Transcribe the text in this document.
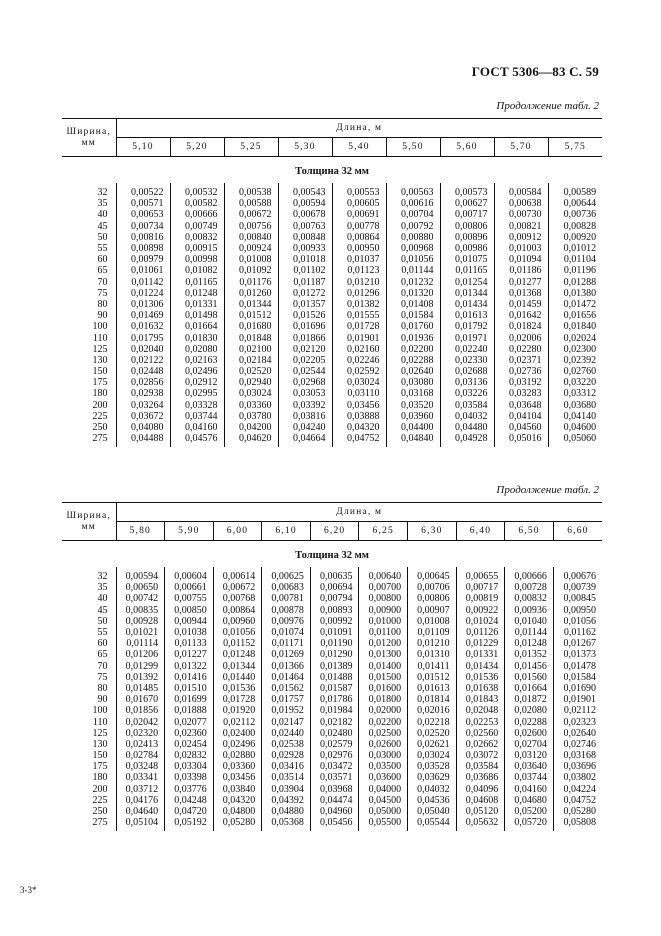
ГОСТ 5306—83 С. 59
Продолжение табл. 2
Ширина, мм	Длина, м								
	5,10	5,20	5,25	5,30	5,40	5,50	5,60	5,70	5,75
Толщина 32 мм									
32	0,00522	0,00532	0,00538	0,00543	0,00553	0,00563	0,00573	0,00584	0,00589
35	0,00571	0,00582	0,00588	0,00594	0,00605	0,00616	0,00627	0,00638	0,00644
40	0,00653	0,00666	0,00672	0,00678	0,00691	0,00704	0,00717	0,00730	0,00736
45	0,00734	0,00749	0,00756	0,00763	0,00778	0,00792	0,00806	0,00821	0,00828
50	0,00816	0,00832	0,00840	0,00848	0,00864	0,00880	0,00896	0,00912	0,00920
55	0,00898	0,00915	0,00924	0,00933	0,00950	0,00968	0,00986	0,01003	0,01012
60	0,00979	0,00998	0,01008	0,01018	0,01037	0,01056	0,01075	0,01094	0,01104
65	0,01061	0,01082	0,01092	0,01102	0,01123	0,01144	0,01165	0,01186	0,01196
70	0,01142	0,01165	0,01176	0,01187	0,01210	0,01232	0,01254	0,01277	0,01288
75	0,01224	0,01248	0,01260	0,01272	0,01296	0,01320	0,01344	0,01368	0,01380
80	0,01306	0,01331	0,01344	0,01357	0,01382	0,01408	0,01434	0,01459	0,01472
90	0,01469	0,01498	0,01512	0,01526	0,01555	0,01584	0,01613	0,01642	0,01656
100	0,01632	0,01664	0,01680	0,01696	0,01728	0,01760	0,01792	0,01824	0,01840
110	0,01795	0,01830	0,01848	0,01866	0,01901	0,01936	0,01971	0,02006	0,02024
125	0,02040	0,02080	0,02100	0,02120	0,02160	0,02200	0,02240	0,02280	0,02300
130	0,02122	0,02163	0,02184	0,02205	0,02246	0,02288	0,02330	0,02371	0,02392
150	0,02448	0,02496	0,02520	0,02544	0,02592	0,02640	0,02688	0,02736	0,02760
175	0,02856	0,02912	0,02940	0,02968	0,03024	0,03080	0,03136	0,03192	0,03220
180	0,02938	0,02995	0,03024	0,03053	0,03110	0,03168	0,03226	0,03283	0,03312
200	0,03264	0,03328	0,03360	0,03392	0,03456	0,03520	0,03584	0,03648	0,03680
225	0,03672	0,03744	0,03780	0,03816	0,03888	0,03960	0,04032	0,04104	0,04140
250	0,04080	0,04160	0,04200	0,04240	0,04320	0,04400	0,04480	0,04560	0,04600
275	0,04488	0,04576	0,04620	0,04664	0,04752	0,04840	0,04928	0,05016	0,05060
Продолжение табл. 2
Ширина, мм	Длина, м									
	5,80	5,90	6,00	6,10	6,20	6,25	6,30	6,40	6,50	6,60
Толщина 32 мм										
32	0,00594	0,00604	0,00614	0,00625	0,00635	0,00640	0,00645	0,00655	0,00666	0,00676
35	0,00650	0,00661	0,00672	0,00683	0,00694	0,00700	0,00706	0,00717	0,00728	0,00739
40	0,00742	0,00755	0,00768	0,00781	0,00794	0,00800	0,00806	0,00819	0,00832	0,00845
45	0,00835	0,00850	0,00864	0,00878	0,00893	0,00900	0,00907	0,00922	0,00936	0,00950
50	0,00928	0,00944	0,00960	0,00976	0,00992	0,01000	0,01008	0,01024	0,01040	0,01056
55	0,01021	0,01038	0,01056	0,01074	0,01091	0,01100	0,01109	0,01126	0,01144	0,01162
60	0,01114	0,01133	0,01152	0,01171	0,01190	0,01200	0,01210	0,01229	0,01248	0,01267
65	0,01206	0,01227	0,01248	0,01269	0,01290	0,01300	0,01310	0,01331	0,01352	0,01373
70	0,01299	0,01322	0,01344	0,01366	0,01389	0,01400	0,01411	0,01434	0,01456	0,01478
75	0,01392	0,01416	0,01440	0,01464	0,01488	0,01500	0,01512	0,01536	0,01560	0,01584
80	0,01485	0,01510	0,01536	0,01562	0,01587	0,01600	0,01613	0,01638	0,01664	0,01690
90	0,01670	0,01699	0,01728	0,01757	0,01786	0,01800	0,01814	0,01843	0,01872	0,01901
100	0,01856	0,01888	0,01920	0,01952	0,01984	0,02000	0,02016	0,02048	0,02080	0,02112
110	0,02042	0,02077	0,02112	0,02147	0,02182	0,02200	0,02218	0,02253	0,02288	0,02323
125	0,02320	0,02360	0,02400	0,02440	0,02480	0,02500	0,02520	0,02560	0,02600	0,02640
130	0,02413	0,02454	0,02496	0,02538	0,02579	0,02600	0,02621	0,02662	0,02704	0,02746
150	0,02784	0,02832	0,02880	0,02928	0,02976	0,03000	0,03024	0,03072	0,03120	0,03168
175	0,03248	0,03304	0,03360	0,03416	0,03472	0,03500	0,03528	0,03584	0,03640	0,03696
180	0,03341	0,03398	0,03456	0,03514	0,03571	0,03600	0,03629	0,03686	0,03744	0,03802
200	0,03712	0,03776	0,03840	0,03904	0,03968	0,04000	0,04032	0,04096	0,04160	0,04224
225	0,04176	0,04248	0,04320	0,04392	0,04474	0,04500	0,04536	0,04608	0,04680	0,04752
250	0,04640	0,04720	0,04800	0,04880	0,04960	0,05000	0,05040	0,05120	0,05200	0,05280
275	0,05104	0,05192	0,05280	0,05368	0,05456	0,05500	0,05544	0,05632	0,05720	0,05808
3-3*
